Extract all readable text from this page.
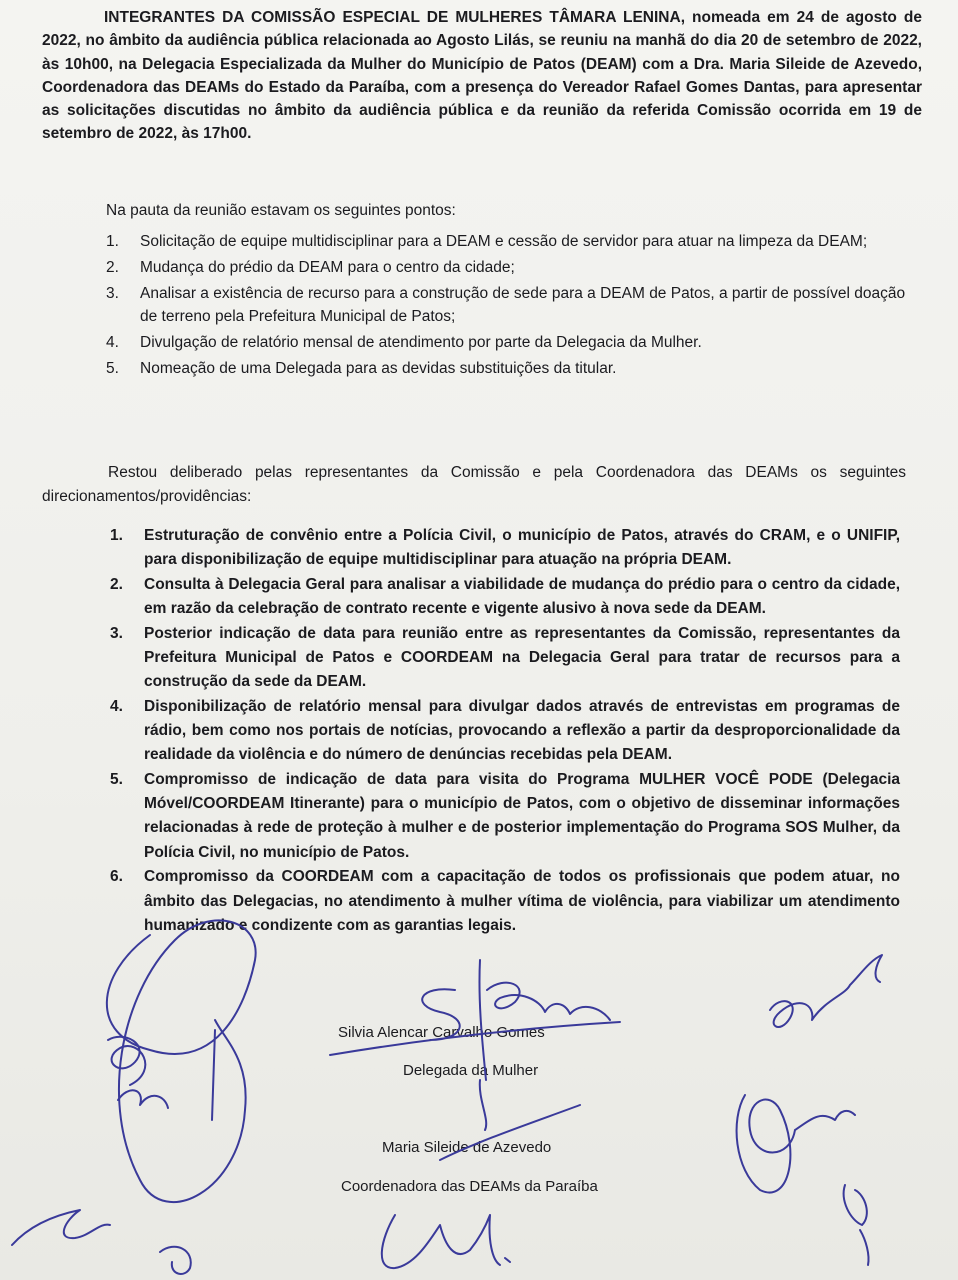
INTEGRANTES DA COMISSÃO ESPECIAL DE MULHERES TÂMARA LENINA, nomeada em 24 de agosto de 2022, no âmbito da audiência pública relacionada ao Agosto Lilás, se reuniu na manhã do dia 20 de setembro de 2022, às 10h00, na Delegacia Especializada da Mulher do Município de Patos (DEAM) com a Dra. Maria Sileide de Azevedo, Coordenadora das DEAMs do Estado da Paraíba, com a presença do Vereador Rafael Gomes Dantas, para apresentar as solicitações discutidas no âmbito da audiência pública e da reunião da referida Comissão ocorrida em 19 de setembro de 2022, às 17h00.

Na pauta da reunião estavam os seguintes pontos:

1. Solicitação de equipe multidisciplinar para a DEAM e cessão de servidor para atuar na limpeza da DEAM;
2. Mudança do prédio da DEAM para o centro da cidade;
3. Analisar a existência de recurso para a construção de sede para a DEAM de Patos, a partir de possível doação de terreno pela Prefeitura Municipal de Patos;
4. Divulgação de relatório mensal de atendimento por parte da Delegacia da Mulher.
5. Nomeação de uma Delegada para as devidas substituições da titular.

Restou deliberado pelas representantes da Comissão e pela Coordenadora das DEAMs os seguintes direcionamentos/providências:

1. Estruturação de convênio entre a Polícia Civil, o município de Patos, através do CRAM, e o UNIFIP, para disponibilização de equipe multidisciplinar para atuação na própria DEAM.
2. Consulta à Delegacia Geral para analisar a viabilidade de mudança do prédio para o centro da cidade, em razão da celebração de contrato recente e vigente alusivo à nova sede da DEAM.
3. Posterior indicação de data para reunião entre as representantes da Comissão, representantes da Prefeitura Municipal de Patos e COORDEAM na Delegacia Geral para tratar de recursos para a construção da sede da DEAM.
4. Disponibilização de relatório mensal para divulgar dados através de entrevistas em programas de rádio, bem como nos portais de notícias, provocando a reflexão a partir da desproporcionalidade da realidade da violência e do número de denúncias recebidas pela DEAM.
5. Compromisso de indicação de data para visita do Programa MULHER VOCÊ PODE (Delegacia Móvel/COORDEAM Itinerante) para o município de Patos, com o objetivo de disseminar informações relacionadas à rede de proteção à mulher e de posterior implementação do Programa SOS Mulher, da Polícia Civil, no município de Patos.
6. Compromisso da COORDEAM com a capacitação de todos os profissionais que podem atuar, no âmbito das Delegacias, no atendimento à mulher vítima de violência, para viabilizar um atendimento humanizado e condizente com as garantias legais.

Silvia Alencar Carvalho Gomes

Delegada da Mulher

Maria Sileide de Azevedo

Coordenadora das DEAMs da Paraíba
